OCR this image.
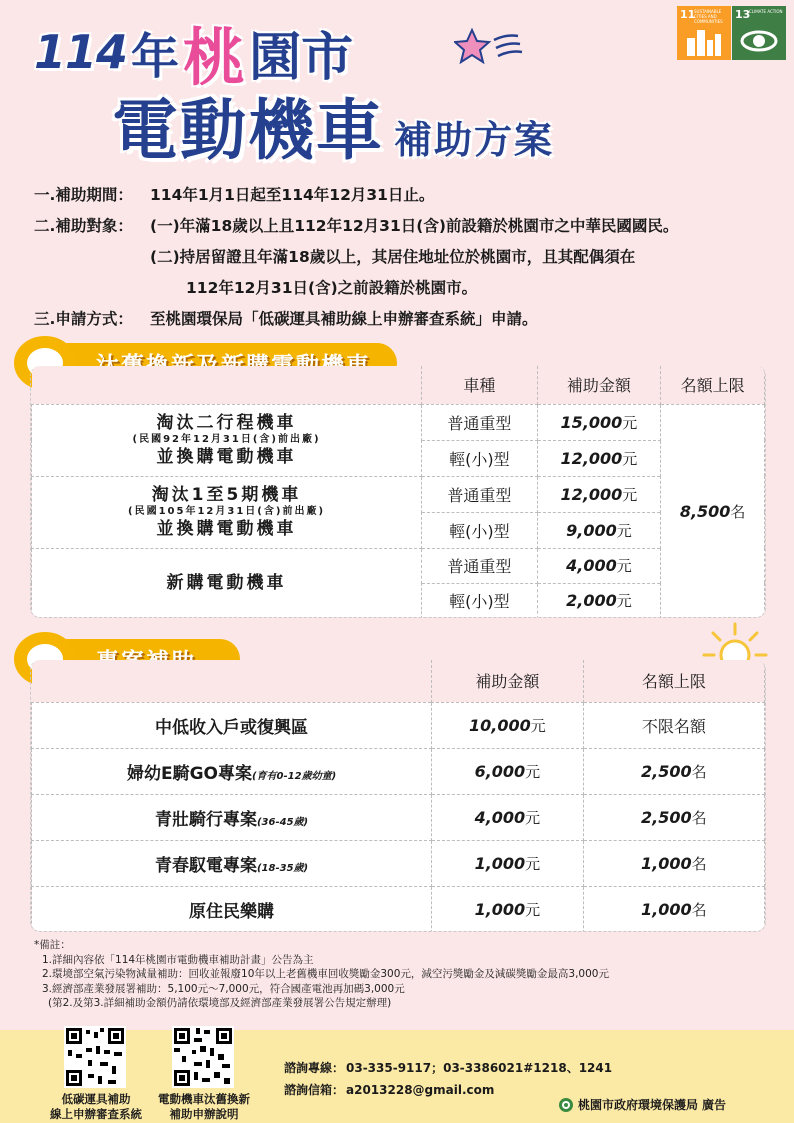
114 年 桃 園市
電動機車 補助方案
11
SUSTAINABLE CITIES AND COMMUNITIES
13
CLIMATE ACTION
一.補助期間：	114年1月1日起至114年12月31日止。
二.補助對象：	(一)年滿18歲以上且112年12月31日(含)前設籍於桃園市之中華民國國民。
(二)持居留證且年滿18歲以上，其居住地址位於桃園市，且其配偶須在
112年12月31日(含)之前設籍於桃園市。
三.申請方式：	至桃園環保局「低碳運具補助線上申辦審查系統」申請。
	車種	補助金額	名額上限

淘汰二行程機車
(民國92年12月31日(含)前出廠)
並換購電動機車	普通重型	15,000元	8,500名
	輕(小)型	12,000元	

淘汰1至5期機車
(民國105年12月31日(含)前出廠)
並換購電動機車	普通重型	12,000元	
	輕(小)型	9,000元	

新購電動機車	普通重型	4,000元	
	輕(小)型	2,000元	
	補助金額	名額上限
中低收入戶或復興區	10,000元	不限名額
婦幼E騎GO專案(育有0-12歲幼童)	6,000元	2,500名
青壯騎行專案(36-45歲)	4,000元	2,500名
青春馭電專案(18-35歲)	1,000元	1,000名
原住民樂購	1,000元	1,000名
*備註：
1.詳細內容依「114年桃園市電動機車補助計畫」公告為主
2.環境部空氣污染物減量補助：回收並報廢10年以上老舊機車回收獎勵金300元，減空污獎勵金及減碳獎勵金最高3,000元
3.經濟部產業發展署補助：5,100元～7,000元，符合國產電池再加碼3,000元
(第2.及第3.詳細補助金額仍請依環境部及經濟部產業發展署公告規定辦理)
低碳運具補助
線上申辦審查系統
電動機車汰舊換新
補助申辦說明
諮詢專線： 03-335-9117；03-3386021#1218、1241
諮詢信箱： a2013228@gmail.com
桃園市政府環境保護局 廣告
